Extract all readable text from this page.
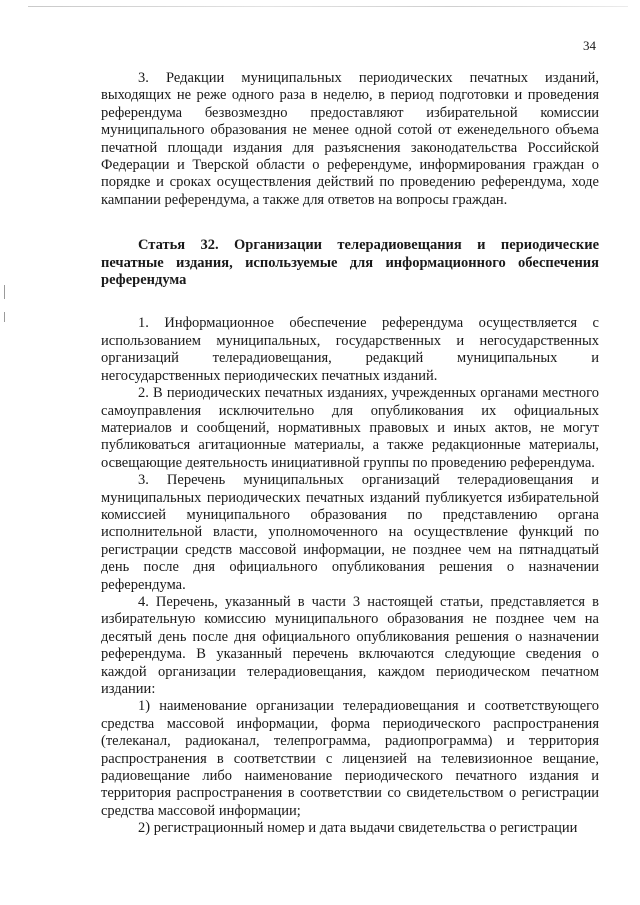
34

3. Редакции муниципальных периодических печатных изданий, выходящих не реже одного раза в неделю, в период подготовки и проведения референдума безвозмездно предоставляют избирательной комиссии муниципального образования не менее одной сотой от еженедельного объема печатной площади издания для разъяснения законодательства Российской Федерации и Тверской области о референдуме, информирования граждан о порядке и сроках осуществления действий по проведению референдума, ходе кампании референдума, а также для ответов на вопросы граждан.

Статья 32. Организации телерадиовещания и периодические печатные издания, используемые для информационного обеспечения референдума

1. Информационное обеспечение референдума осуществляется с использованием муниципальных, государственных и негосударственных организаций телерадиовещания, редакций муниципальных и негосударственных периодических печатных изданий.

2. В периодических печатных изданиях, учрежденных органами местного самоуправления исключительно для опубликования их официальных материалов и сообщений, нормативных правовых и иных актов, не могут публиковаться агитационные материалы, а также редакционные материалы, освещающие деятельность инициативной группы по проведению референдума.

3. Перечень муниципальных организаций телерадиовещания и муниципальных периодических печатных изданий публикуется избирательной комиссией муниципального образования по представлению органа исполнительной власти, уполномоченного на осуществление функций по регистрации средств массовой информации, не позднее чем на пятнадцатый день после дня официального опубликования решения о назначении референдума.

4. Перечень, указанный в части 3 настоящей статьи, представляется в избирательную комиссию муниципального образования не позднее чем на десятый день после дня официального опубликования решения о назначении референдума. В указанный перечень включаются следующие сведения о каждой организации телерадиовещания, каждом периодическом печатном издании:

1) наименование организации телерадиовещания и соответствующего средства массовой информации, форма периодического распространения (телеканал, радиоканал, телепрограмма, радиопрограмма) и территория распространения в соответствии с лицензией на телевизионное вещание, радиовещание либо наименование периодического печатного издания и территория распространения в соответствии со свидетельством о регистрации средства массовой информации;

2) регистрационный номер и дата выдачи свидетельства о регистрации
